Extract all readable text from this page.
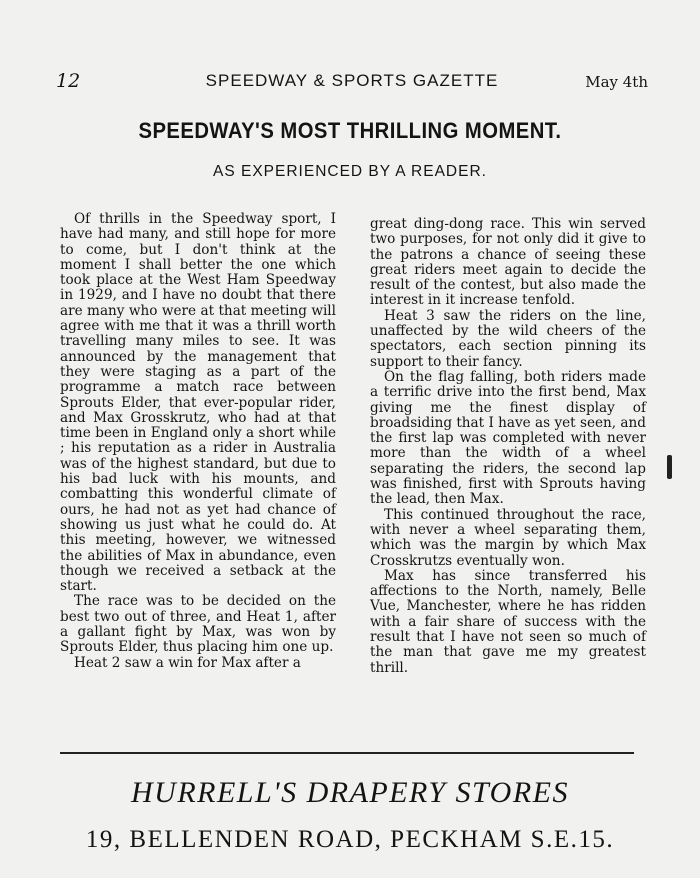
12	SPEEDWAY & SPORTS GAZETTE	May 4th
SPEEDWAY'S MOST THRILLING MOMENT.
AS EXPERIENCED BY A READER.

Of thrills in the Speedway sport, I have had many, and still hope for more to come, but I don't think at the moment I shall better the one which took place at the West Ham Speedway in 1929, and I have no doubt that there are many who were at that meeting will agree with me that it was a thrill worth travelling many miles to see. It was announced by the management that they were staging as a part of the programme a match race between Sprouts Elder, that ever-popular rider, and Max Grosskrutz, who had at that time been in England only a short while ; his reputation as a rider in Australia was of the highest standard, but due to his bad luck with his mounts, and combatting this wonderful climate of ours, he had not as yet had chance of showing us just what he could do. At this meeting, however, we witnessed the abilities of Max in abundance, even though we received a setback at the start.

The race was to be decided on the best two out of three, and Heat 1, after a gallant fight by Max, was won by Sprouts Elder, thus placing him one up.

Heat 2 saw a win for Max after a

great ding-dong race. This win served two purposes, for not only did it give to the patrons a chance of seeing these great riders meet again to decide the result of the contest, but also made the interest in it increase tenfold.

Heat 3 saw the riders on the line, unaffected by the wild cheers of the spectators, each section pinning its support to their fancy.

On the flag falling, both riders made a terrific drive into the first bend, Max giving me the finest display of broadsiding that I have as yet seen, and the first lap was completed with never more than the width of a wheel separating the riders, the second lap was finished, first with Sprouts having the lead, then Max.

This continued throughout the race, with never a wheel separating them, which was the margin by which Max Crosskrutzs eventually won.

Max has since transferred his affections to the North, namely, Belle Vue, Manchester, where he has ridden with a fair share of success with the result that I have not seen so much of the man that gave me my greatest thrill.

HURRELL'S DRAPERY STORES
19, BELLENDEN ROAD, PECKHAM S.E.15.
